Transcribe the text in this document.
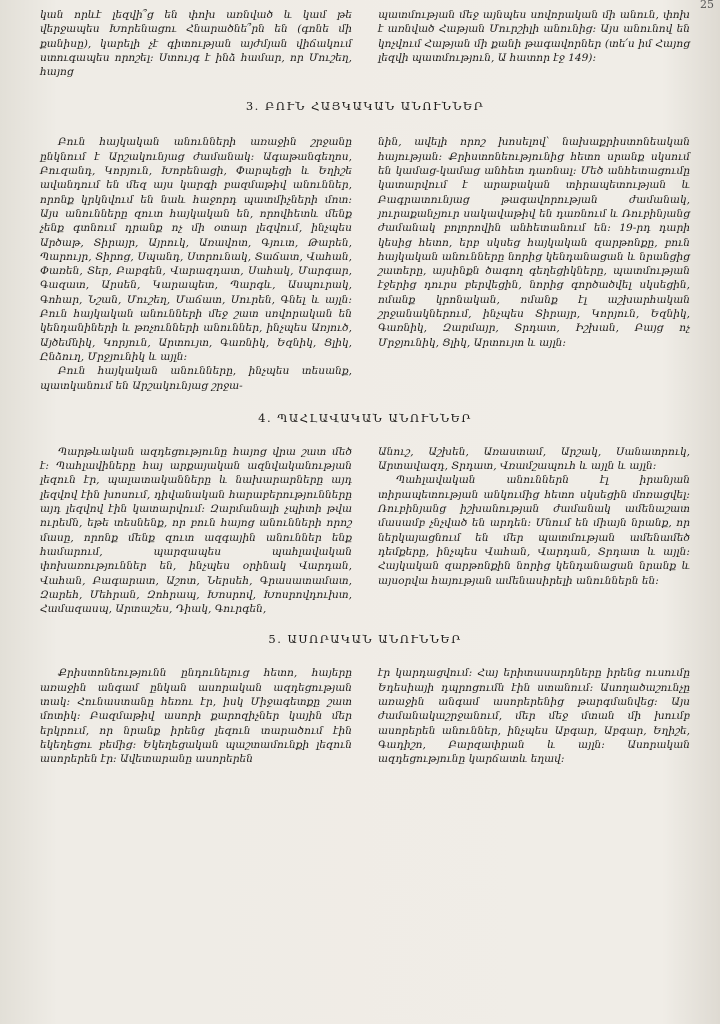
25

կան որևէ լեզվի՞ց են փոխ առնված և կամ թե վերջապես Խորենացու Հնարածնե՞րն են (գոնե մի քանիսը), կարելի չէ գիտության այժմյան վիճակում ստուգապես որոշել։ Ստույգ է ինձ համար, որ Մուշեղ, հայոց

պատմության մեջ այնպես սովորական մի անուն, փոխ է առնված Հաթյան Մուրշիլի անունից։ Այս անունով են կոչվում Հաթյան մի քանի թագավորներ (տե՛ս իմ Հայոց լեզվի պատմություն, Ա հատոր էջ 149)։

3. ԲՈՒՆ ՀԱՅԿԱԿԱՆ ԱՆՈՒՆՆԵՐ

Բուն հայկական անունների առաջին շրջանը ընկնում է Արշակունյաց ժամանակ։ Ագաթանգեղոս, Բուզանդ, Կորյուն, Խորենացի, Փարպեցի և Եղիշե ավանդում են մեզ այս կարգի բազմաթիվ անուններ, որոնք կրկնվում են նաև հաջորդ պատմիչների մոտ։ Այս անունները զուտ հայկական են, որովհետև մենք չենք գտնում դրանք ոչ մի օտար լեզվում, ինչպես Արծաթ, Տիրայր, Այրուկ, Առավոտ, Գյուտ, Թարեն, Պարույր, Տիրոց, Սպանդ, Ստրունակ, Տաճատ, Վահան, Փառեն, Տեր, Բաբգեն, Վարազդատ, Սահակ, Մարգար, Գազատ, Արսեն, Կարապետ, Պարգև, Ասպուրակ, Գոհար, Նշան, Մուշեղ, Մաճատ, Սուրեն, Գնել և այլն։ Բուն հայկական անունների մեջ շատ սովորական են կենդանիների և թռչունների անուններ, ինչպես Առյուծ, Այծեմնիկ, Կորյուն, Արտույտ, Գառնիկ, Եզնիկ, Ցլիկ, Ընձուղ, Մրջյունիկ և այլն։

Բուն հայկական անունները, ինչպես տեսանք, պատկանում են Արշակունյաց շրջա-

նին, ավելի որոշ խոսելով՝ նախաքրիստոնեական հայության։ Քրիստոնեությունից հետո սրանք սկսում են կամաց-կամաց անհետ դառնալ։ Մեծ անհետացումը կատարվում է արաբական տիրապետության և Բագրատունյաց թագավորության ժամանակ, յուրաքանչյուր սակավաթիվ են դառնում և Ռուբինյանց ժամանակ բոլորովին անհետանում են։ 19-րդ դարի կեսից հետո, երբ սկսեց հայկական զարթոնքը, բուն հայկական անունները նորից կենդանացան և նրանցից շատերը, այսինքն ծագող գեղեցիկները, պատմության էջերից դուրս բերվեցին, նորից գործածվել սկսեցին, ոմանք կրոնական, ոմանք էլ աշխարհական շրջանակներում, ինչպես Տիրայր, Կորյուն, Եզնիկ, Գառնիկ, Զարմայր, Տրդատ, Իշխան, Բայց ոչ Մրջյունիկ, Ցլիկ, Արտույտ և այլն։

4. ՊԱՀԼԱՎԱԿԱՆ ԱՆՈՒՆՆԵՐ

Պարթևական ազդեցությունը հայոց վրա շատ մեծ է։ Պահլավիները հայ արքայական ազնվականության լեզուն էր, պալատականները և նախարարները այդ լեզվով էին խոսում, դիվանական հարաբերությունները այդ լեզվով էին կատարվում։ Զարմանալի չպիտի թվա ուրեմն, եթե տեսնենք, որ բուն հայոց անունների որոշ մասը, որոնք մենք զուտ ազգային անուններ ենք համարում, պարզապես պահլավական փոխառություններ են, ինչպես օրինակ Վարդան, Վահան, Բագարատ, Աշոտ, Ներսեհ, Գրասատամատ, Զարեհ, Մեհրան, Զոհրապ, Խոսրով, Խոսրովդուխտ, Համազասպ, Արտաշես, Դիակ, Գուրգեն,

Անուշ, Աշխեն, Առաստամ, Արշակ, Սանատրուկ, Արտավազդ, Տրդատ, Վռամշապուհ և այլն և այլն։

Պահլավական անուններն էլ իրանյան տիրապետության անկումից հետո սկսեցին մոռացվել։ Ռուբինյանց իշխանության ժամանակ ամենաշատ մասամբ չնչված են արդեն։ Մնում են միայն նրանք, որ ներկայացնում են մեր պատմության ամենամեծ դեմքերը, ինչպես Վահան, Վարդան, Տրդատ և այլն։ Հայկական զարթոնքին նորից կենդանացան նրանք և այսօրվա հայության ամենասիրելի անուններն են։

5. ԱՍՈՐԱԿԱՆ ԱՆՈՒՆՆԵՐ

Քրիստոնեությունն ընդունելուց հետո, հայերը առաջին անգամ ընկան ասորական ազդեցության տակ։ Հունաստանը հեռու էր, իսկ Միջագետքը շատ մոտիկ։ Բազմաթիվ ասորի քարոզիչներ կային մեր երկրում, որ նրանք իրենց լեզուն տարածում էին եկեղեցու բեմից։ Եկեղեցական պաշտամունքի լեզուն ասորերեն էր։ Ավետարանը ասորերեն

էր կարդացվում։ Հայ երիտասարդները իրենց ուսումը Եդեսիայի դպրոցումն էին ստանում։ Ասողածաշունչը առաջին անգամ ասորերենից թարգմանվեց։ Այս ժամանակաշրջանում, մեր մեջ մտան մի խումբ ասորերեն անուններ, ինչպես Աբգար, Աբգար, Եղիշե, Գադիշո, Բարզափրան և այլն։ Ասորական ազդեցությունը կարճատև եղավ։
